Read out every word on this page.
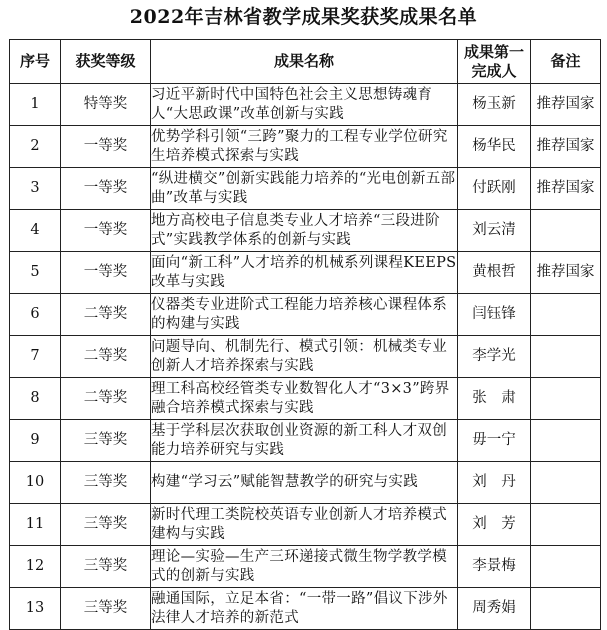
2022年吉林省教学成果奖获奖成果名单
序号	获奖等级	成果名称	成果第一完成人	备注
1	特等奖	习近平新时代中国特色社会主义思想铸魂育人“大思政课”改革创新与实践	杨玉新	推荐国家
2	一等奖	优势学科引领“三跨”聚力的工程专业学位研究生培养模式探索与实践	杨华民	推荐国家
3	一等奖	“纵进横交”创新实践能力培养的“光电创新五部曲”改革与实践	付跃刚	推荐国家
4	一等奖	地方高校电子信息类专业人才培养“三段进阶式”实践教学体系的创新与实践	刘云清	
5	一等奖	面向“新工科”人才培养的机械系列课程KEEPS改革与实践	黄根哲	推荐国家
6	二等奖	仪器类专业进阶式工程能力培养核心课程体系的构建与实践	闫钰锋	
7	二等奖	问题导向、机制先行、模式引领：机械类专业创新人才培养探索与实践	李学光	
8	二等奖	理工科高校经管类专业数智化人才“3×3”跨界融合培养模式探索与实践	张　肃	
9	三等奖	基于学科层次获取创业资源的新工科人才双创能力培养研究与实践	毋一宁	
10	三等奖	构建“学习云”赋能智慧教学的研究与实践	刘　丹	
11	三等奖	新时代理工类院校英语专业创新人才培养模式建构与实践	刘　芳	
12	三等奖	理论—实验—生产三环递接式微生物学教学模式的创新与实践	李景梅	
13	三等奖	融通国际，立足本省：“一带一路”倡议下涉外法律人才培养的新范式	周秀娟	
